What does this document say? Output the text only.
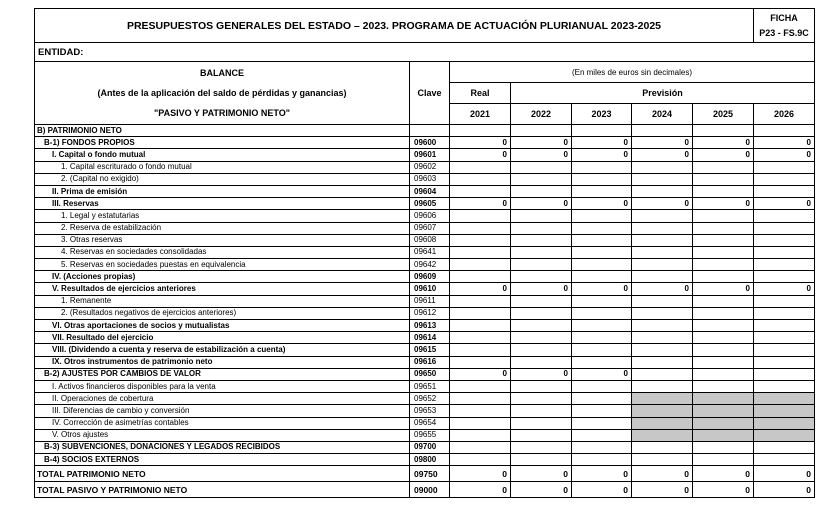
PRESUPUESTOS GENERALES DEL ESTADO – 2023. PROGRAMA DE ACTUACIÓN PLURIANUAL 2023-2025							FICHA
P23 - FS.9C

ENTIDAD:							

BALANCE
(Antes de la aplicación del saldo de pérdidas y ganancias)
"PASIVO Y PATRIMONIO NETO"	Clave	(En miles de euros sin decimales)					
		Real	Previsión				
		2021	2022	2023	2024	2025	2026
B) PATRIMONIO NETO							
B-1) FONDOS PROPIOS	09600	0	0	0	0	0	0
I. Capital o fondo mutual	09601	0	0	0	0	0	0
1. Capital escriturado o fondo mutual	09602						
2. (Capital no exigido)	09603						
II. Prima de emisión	09604						
III. Reservas	09605	0	0	0	0	0	0
1. Legal y estatutarias	09606						
2. Reserva de estabilización	09607						
3. Otras reservas	09608						
4. Reservas en sociedades consolidadas	09641						
5. Reservas en sociedades puestas en equivalencia	09642						
IV. (Acciones propias)	09609						
V. Resultados de ejercicios anteriores	09610	0	0	0	0	0	0
1. Remanente	09611						
2. (Resultados negativos de ejercicios anteriores)	09612						
VI. Otras aportaciones de socios y mutualistas	09613						
VII. Resultado del ejercicio	09614						
VIII. (Dividendo a cuenta y reserva de estabilización a cuenta)	09615						
IX. Otros instrumentos de patrimonio neto	09616						
B-2) AJUSTES POR CAMBIOS DE VALOR	09650	0	0	0			
I. Activos financieros disponibles para la venta	09651						
II. Operaciones de cobertura	09652						
III. Diferencias de cambio y conversión	09653						
IV. Corrección de asimetrías contables	09654						
V. Otros ajustes	09655						
B-3) SUBVENCIONES, DONACIONES Y LEGADOS RECIBIDOS	09700						
B-4) SOCIOS EXTERNOS	09800						
TOTAL PATRIMONIO NETO	09750	0	0	0	0	0	0
TOTAL PASIVO Y PATRIMONIO NETO	09000	0	0	0	0	0	0
